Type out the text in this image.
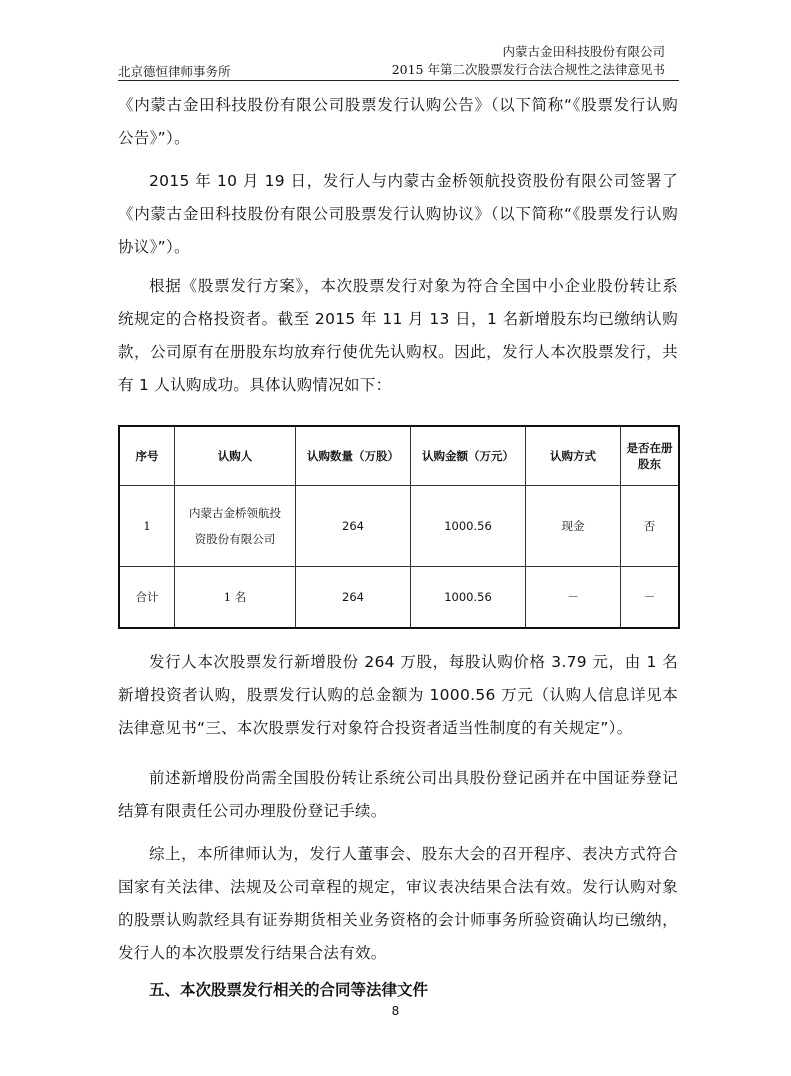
内蒙古金田科技股份有限公司
2015 年第二次股票发行合法合规性之法律意见书
北京德恒律师事务所
《内蒙古金田科技股份有限公司股票发行认购公告》（以下简称“《股票发行认购公告》”）。
2015 年 10 月 19 日，发行人与内蒙古金桥领航投资股份有限公司签署了《内蒙古金田科技股份有限公司股票发行认购协议》（以下简称“《股票发行认购协议》”）。
根据《股票发行方案》，本次股票发行对象为符合全国中小企业股份转让系统规定的合格投资者。截至 2015 年 11 月 13 日，1 名新增股东均已缴纳认购款，公司原有在册股东均放弃行使优先认购权。因此，发行人本次股票发行，共有 1 人认购成功。具体认购情况如下：
序号	认购人	认购数量（万股）	认购金额（万元）	认购方式	是否在册股东
1	内蒙古金桥领航投资股份有限公司	264	1000.56	现金	否
合计	1 名	264	1000.56	－	－
发行人本次股票发行新增股份 264 万股，每股认购价格 3.79 元，由 1 名新增投资者认购，股票发行认购的总金额为 1000.56 万元（认购人信息详见本法律意见书“三、本次股票发行对象符合投资者适当性制度的有关规定”）。
前述新增股份尚需全国股份转让系统公司出具股份登记函并在中国证券登记结算有限责任公司办理股份登记手续。
综上，本所律师认为，发行人董事会、股东大会的召开程序、表决方式符合国家有关法律、法规及公司章程的规定，审议表决结果合法有效。发行认购对象的股票认购款经具有证券期货相关业务资格的会计师事务所验资确认均已缴纳，发行人的本次股票发行结果合法有效。
五、本次股票发行相关的合同等法律文件
8
